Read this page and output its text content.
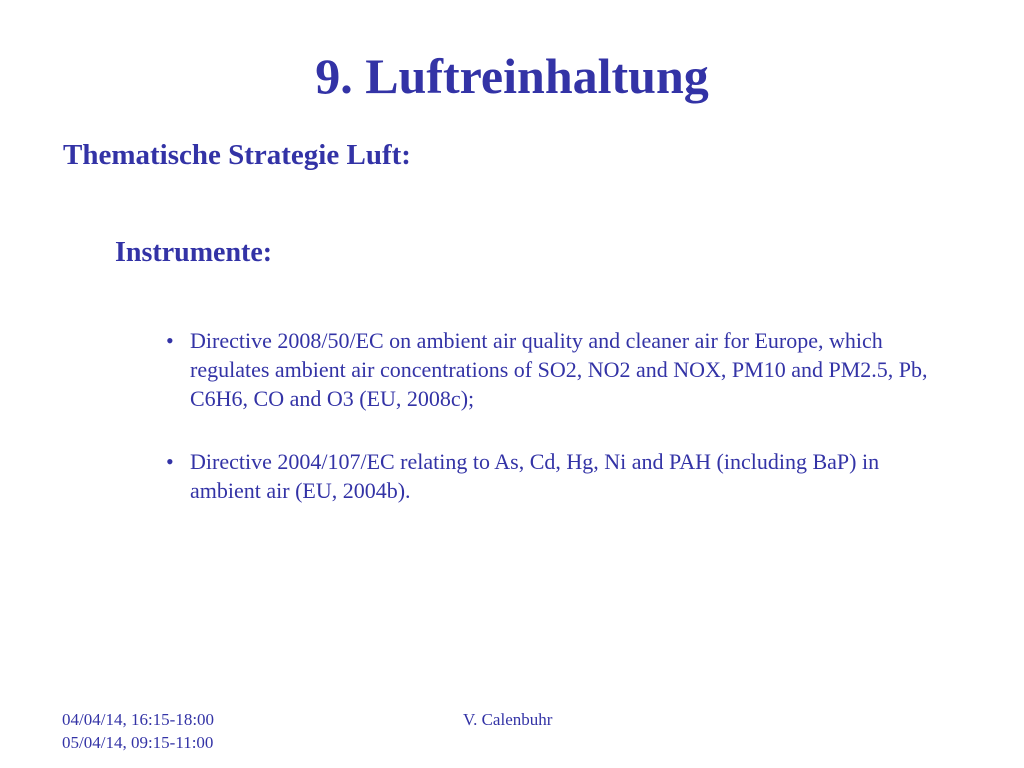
9. Luftreinhaltung
Thematische Strategie Luft:
Instrumente:
• Directive 2008/50/EC on ambient air quality and cleaner air for Europe, which regulates ambient air concentrations of SO2, NO2 and NOX, PM10 and PM2.5, Pb, C6H6, CO and O3 (EU, 2008c);
• Directive 2004/107/EC relating to As, Cd, Hg, Ni and PAH (including BaP) in ambient air (EU, 2004b).
04/04/14, 16:15-18:00
05/04/14, 09:15-11:00
V. Calenbuhr
